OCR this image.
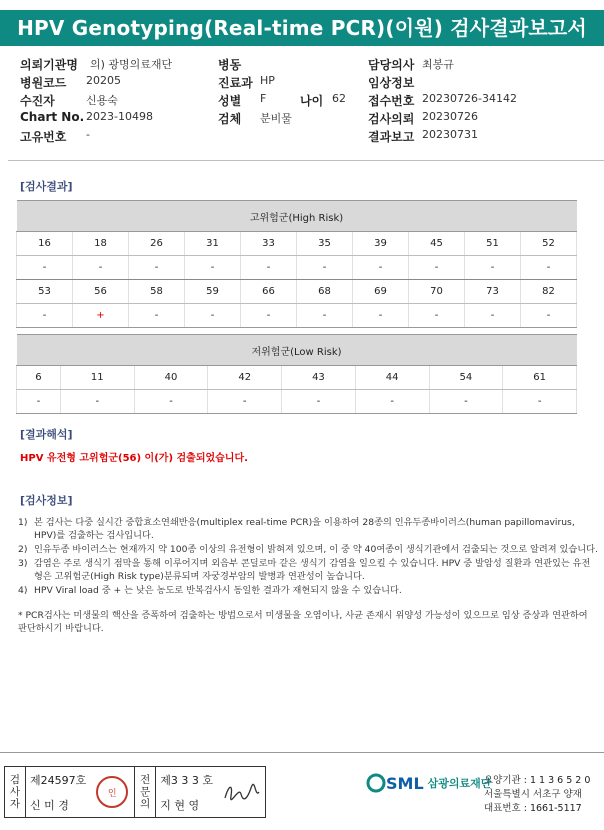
HPV Genotyping(Real-time PCR)(이원) 검사결과보고서
의뢰기관명 의) 광명의료재단	병동	담당의사 최봉규
병원코드 20205	진료과 HP	임상정보
수진자	신용숙	성별 F	나이 62 접수번호 20230726-34142
Chart No. 2023-10498	검체 분비물	검사의뢰 20230726
고유번호 -	결과보고 20230731
[검사결과]
고위험군(High Risk)									
16	18	26	31	33	35	39	45	51	52
-	-	-	-	-	-	-	-	-	-
53	56	58	59	66	68	69	70	73	82
-	+	-	-	-	-	-	-	-	-
저위험군(Low Risk)							
6	11	40	42	43	44	54	61
-	-	-	-	-	-	-	-
[결과해석]
HPV 유전형 고위험군(56) 이(가) 검출되었습니다.
[검사정보]
1) 본 검사는 다중 실시간 중합효소연쇄반응(multiplex real-time PCR)을 이용하여 28종의 인유두종바이러스(human papillomavirus, HPV)를 검출하는 검사입니다.
2) 인유두종 바이러스는 현재까지 약 100종 이상의 유전형이 밝혀져 있으며, 이 중 약 40여종이 생식기관에서 검출되는 것으로 알려져 있습니다.
3) 감염은 주로 생식기 점막을 통해 이루어지며 외음부 콘딜로마 같은 생식기 감염을 일으킬 수 있습니다. HPV 중 발암성 질환과 연관있는 유전형은 고위험군(High Risk type)분류되며 자궁경부암의 발병과 연관성이 높습니다.
4) HPV Viral load 중 + 는 낮은 농도로 반복검사시 동일한 결과가 재현되지 않을 수 있습니다.
* PCR검사는 미생물의 핵산을 증폭하여 검출하는 방법으로서 미생물을 오염이나, 사균 존재시 위양성 가능성이 있으므로 임상 증상과 연관하여 판단하시기 바랍니다.
검
사
자
제24597호
신 미 경
인
전
문
의
제3 3 3 호
지 현 영
SML 삼광의료재단
요양기관 : 1 1 3 6 5 2 0
서울특별시 서초구 양재
대표번호 : 1661-5117
